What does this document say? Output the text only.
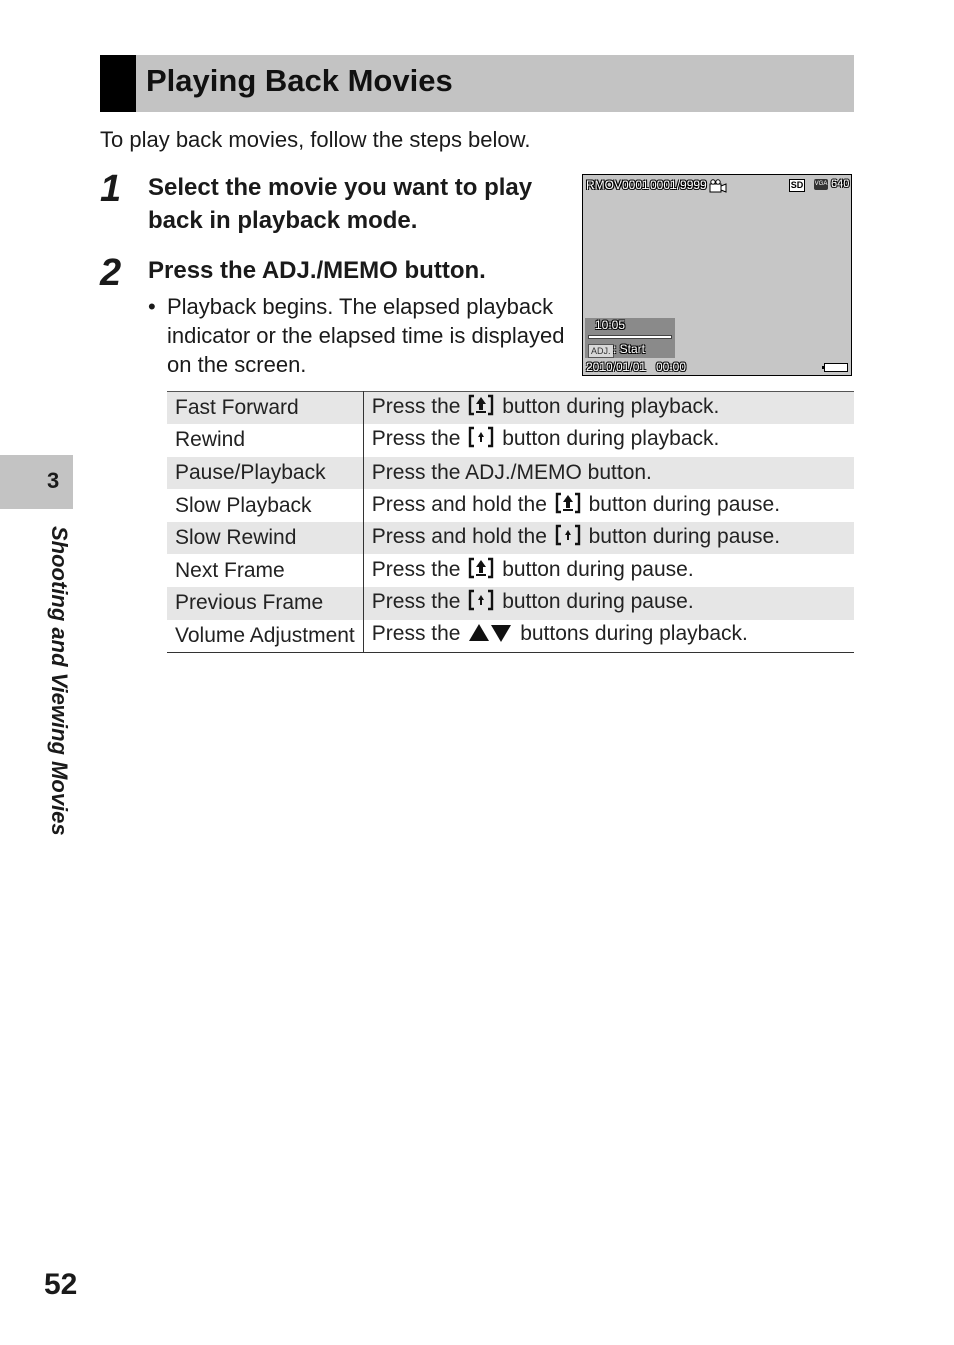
Playing Back Movies
To play back movies, follow the steps below.
1 Select the movie you want to play
back in playback mode.
2 Press the ADJ./MEMO button.
• Playback begins. The elapsed playback indicator or the elapsed time is displayed on the screen.
RMOV0001 0001/9999	SD VGA 640
10:05
ADJ. : Start
2010/01/01 00:00
Fast Forward	Press the button during playback.
Rewind	Press the button during playback.
Pause/Playback	Press the ADJ./MEMO button.
Slow Playback	Press and hold the button during pause.
Slow Rewind	Press and hold the button during pause.
Next Frame	Press the button during pause.
Previous Frame	Press the button during pause.
Volume Adjustment	Press the buttons during playback.
3
Shooting and Viewing Movies
52
